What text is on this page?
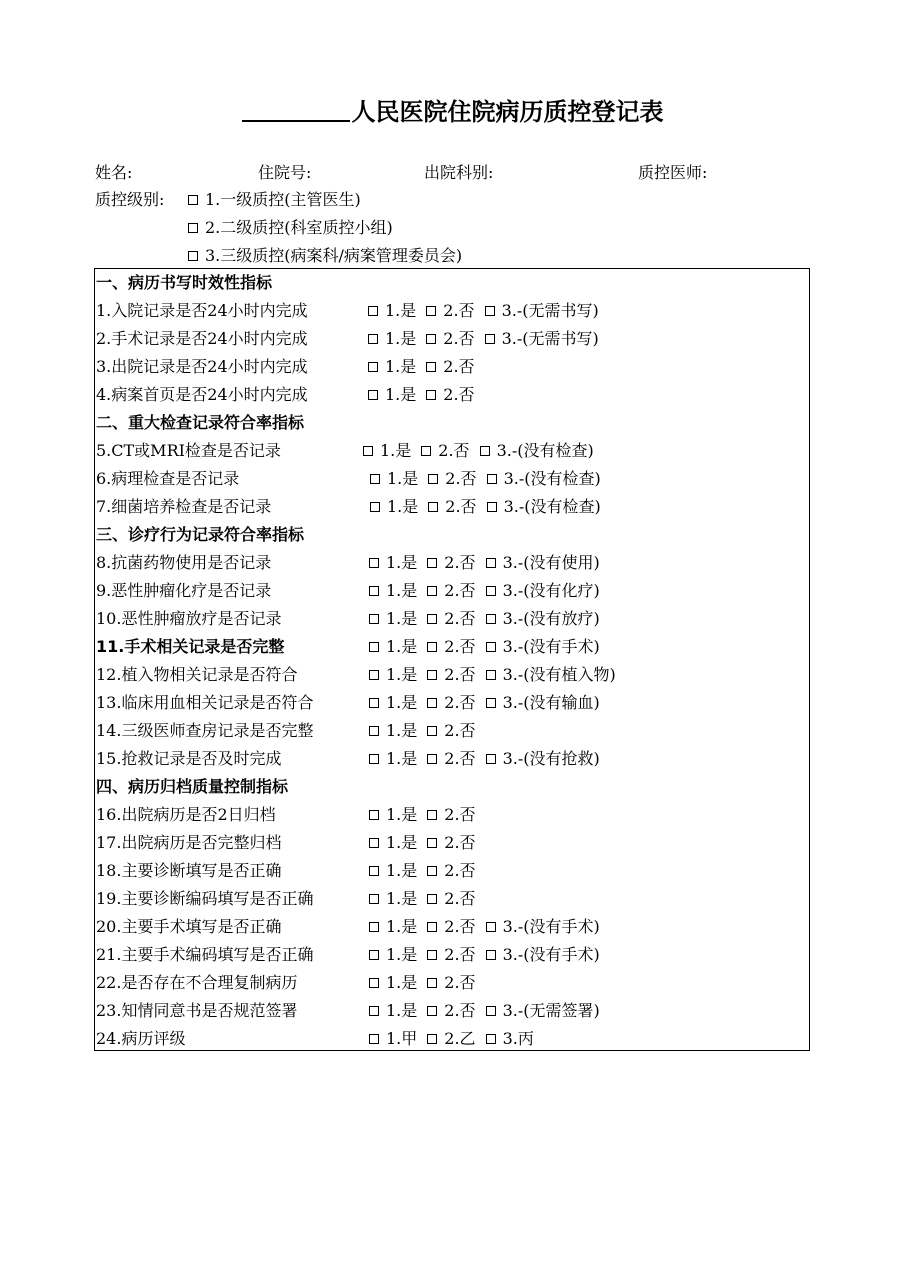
人民医院住院病历质控登记表
姓名:	住院号:	出院科别:	质控医师:
质控级别:	1.一级质控(主管医生)
2.二级质控(科室质控小组)
3.三级质控(病案科/病案管理委员会)
一、病历书写时效性指标
1.入院记录是否24小时内完成	1.是 2.否 3.-(无需书写)
2.手术记录是否24小时内完成	1.是 2.否 3.-(无需书写)
3.出院记录是否24小时内完成	1.是 2.否
4.病案首页是否24小时内完成	1.是 2.否
二、重大检查记录符合率指标
5.CT或MRI检查是否记录	1.是 2.否 3.-(没有检查)
6.病理检查是否记录	1.是 2.否 3.-(没有检查)
7.细菌培养检查是否记录	1.是 2.否 3.-(没有检查)
三、诊疗行为记录符合率指标
8.抗菌药物使用是否记录	1.是 2.否 3.-(没有使用)
9.恶性肿瘤化疗是否记录	1.是 2.否 3.-(没有化疗)
10.恶性肿瘤放疗是否记录	1.是 2.否 3.-(没有放疗)
11.手术相关记录是否完整	1.是 2.否 3.-(没有手术)
12.植入物相关记录是否符合	1.是 2.否 3.-(没有植入物)
13.临床用血相关记录是否符合	1.是 2.否 3.-(没有输血)
14.三级医师查房记录是否完整	1.是 2.否
15.抢救记录是否及时完成	1.是 2.否 3.-(没有抢救)
四、病历归档质量控制指标
16.出院病历是否2日归档	1.是 2.否
17.出院病历是否完整归档	1.是 2.否
18.主要诊断填写是否正确	1.是 2.否
19.主要诊断编码填写是否正确	1.是 2.否
20.主要手术填写是否正确	1.是 2.否 3.-(没有手术)
21.主要手术编码填写是否正确	1.是 2.否 3.-(没有手术)
22.是否存在不合理复制病历	1.是 2.否
23.知情同意书是否规范签署	1.是 2.否 3.-(无需签署)
24.病历评级	1.甲 2.乙 3.丙
